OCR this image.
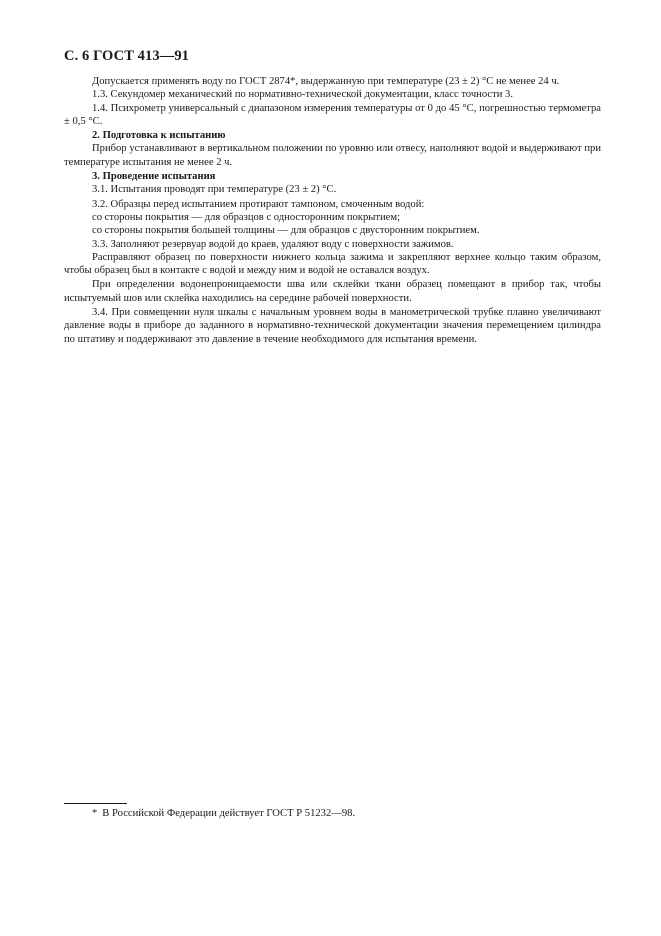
С. 6 ГОСТ 413—91

Допускается применять воду по ГОСТ 2874*, выдержанную при температуре (23 ± 2) °С не менее 24 ч.

1.3. Секундомер механический по нормативно-технической документации, класс точности 3.

1.4. Психрометр универсальный с диапазоном измерения температуры от 0 до 45 °С, погрешностью термометра ± 0,5 °С.

2. Подготовка к испытанию

Прибор устанавливают в вертикальном положении по уровню или отвесу, наполняют водой и выдерживают при температуре испытания не менее 2 ч.

3. Проведение испытания

3.1. Испытания проводят при температуре (23 ± 2) °С.

3.2. Образцы перед испытанием протирают тампоном, смоченным водой:

со стороны покрытия — для образцов с односторонним покрытием;

со стороны покрытия большей толщины — для образцов с двусторонним покрытием.

3.3. Заполняют резервуар водой до краев, удаляют воду с поверхности зажимов.

Расправляют образец по поверхности нижнего кольца зажима и закрепляют верхнее кольцо таким образом, чтобы образец был в контакте с водой и между ним и водой не оставался воздух.

При определении водонепроницаемости шва или склейки ткани образец помещают в прибор так, чтобы испытуемый шов или склейка находились на середине рабочей поверхности.

3.4. При совмещении нуля шкалы с начальным уровнем воды в манометрической трубке плавно увеличивают давление воды в приборе до заданного в нормативно-технической документации значения перемещением цилиндра по штативу и поддерживают это давление в течение необходимого для испытания времени.

* В Российской Федерации действует ГОСТ Р 51232—98.
